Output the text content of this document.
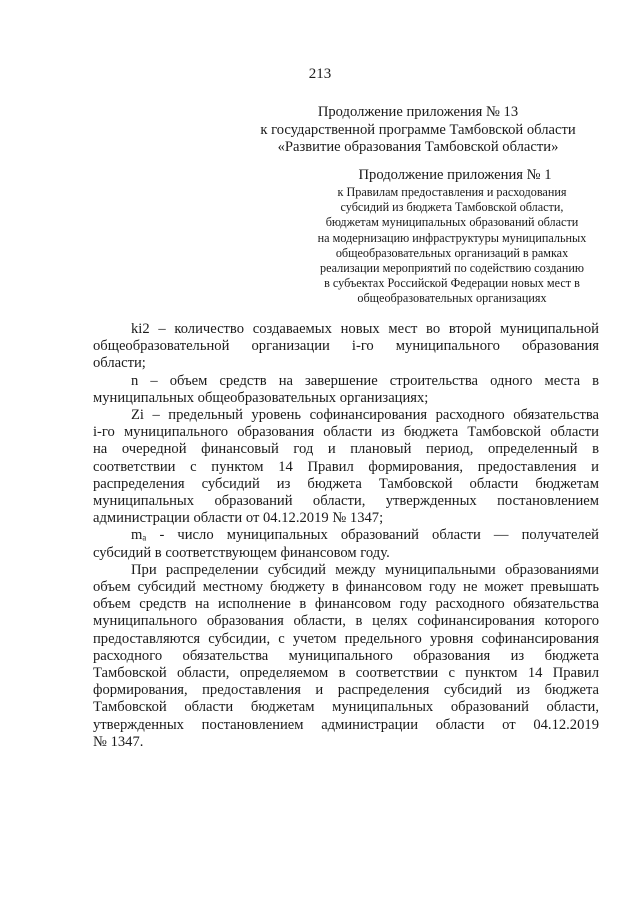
213
Продолжение приложения № 13
к государственной программе Тамбовской области
«Развитие образования Тамбовской области»
Продолжение приложения № 1
к Правилам предоставления и расходования
субсидий из бюджета Тамбовской области,
бюджетам муниципальных образований области
на модернизацию инфраструктуры муниципальных
общеобразовательных организаций в рамках
реализации мероприятий по содействию созданию
в субъектах Российской Федерации новых мест в
общеобразовательных организациях
ki2 – количество создаваемых новых мест во второй муниципальной
общеобразовательной организации i-го муниципального образования
области;
n – объем средств на завершение строительства одного места в
муниципальных общеобразовательных организациях;
Zi – предельный уровень софинансирования расходного обязательства
i-го муниципального образования области из бюджета Тамбовской области
на очередной финансовый год и плановый период, определенный в
соответствии с пунктом 14 Правил формирования, предоставления и
распределения субсидий из бюджета Тамбовской области бюджетам
муниципальных образований области, утвержденных постановлением
администрации области от 04.12.2019 № 1347;
mₐ - число муниципальных образований области — получателей
субсидий в соответствующем финансовом году.
При распределении субсидий между муниципальными образованиями
объем субсидий местному бюджету в финансовом году не может превышать
объем средств на исполнение в финансовом году расходного обязательства
муниципального образования области, в целях софинансирования которого
предоставляются субсидии, с учетом предельного уровня софинансирования
расходного обязательства муниципального образования из бюджета
Тамбовской области, определяемом в соответствии с пунктом 14 Правил
формирования, предоставления и распределения субсидий из бюджета
Тамбовской области бюджетам муниципальных образований области,
утвержденных постановлением администрации области от 04.12.2019
№ 1347.
